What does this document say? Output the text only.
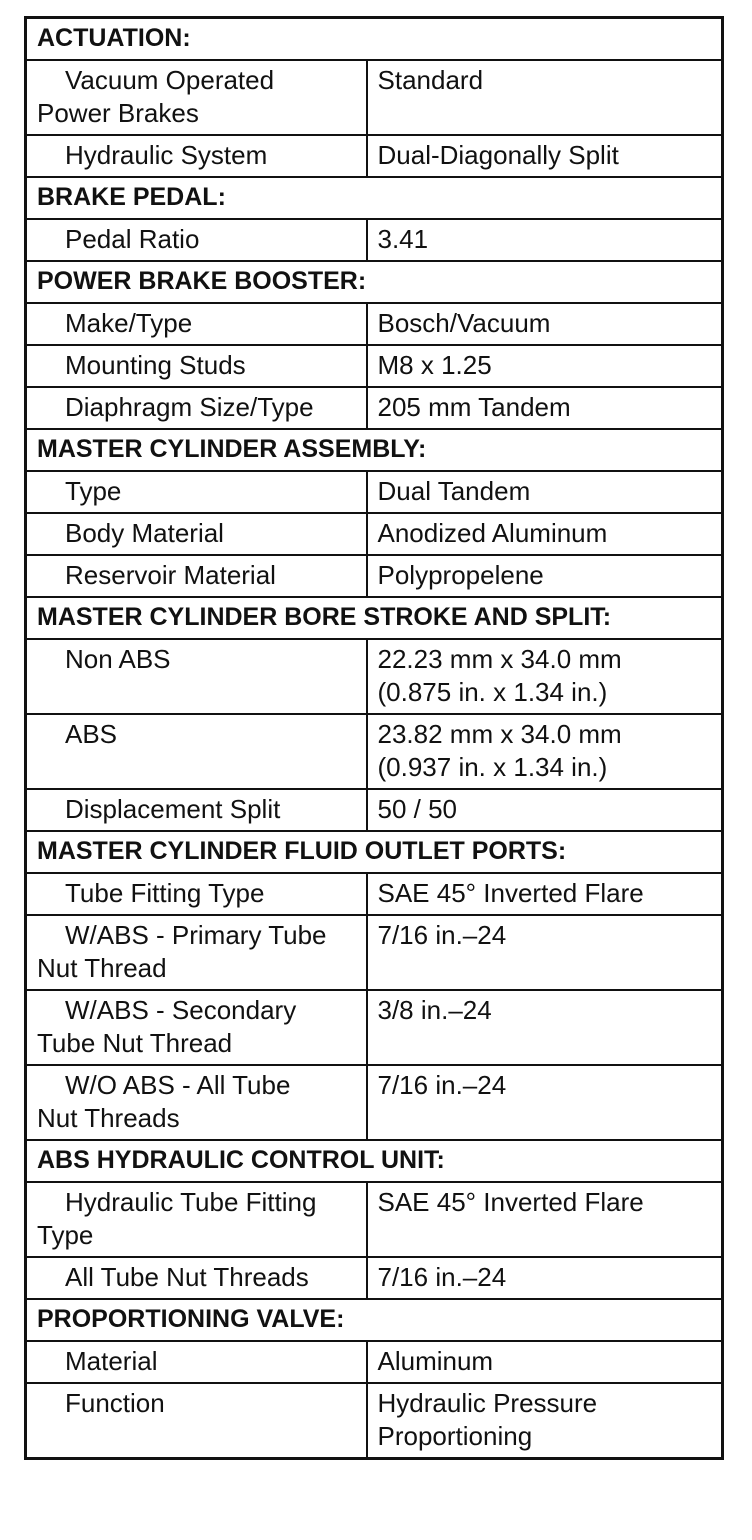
ACTUATION:	

Vacuum Operated
Power Brakes	Standard

Hydraulic System	Dual-Diagonally Split

BRAKE PEDAL:	

Pedal Ratio	3.41

POWER BRAKE BOOSTER:	

Make/Type	Bosch/Vacuum

Mounting Studs	M8 x 1.25

Diaphragm Size/Type	205 mm Tandem

MASTER CYLINDER ASSEMBLY:	

Type	Dual Tandem

Body Material	Anodized Aluminum

Reservoir Material	Polypropelene

MASTER CYLINDER BORE STROKE AND SPLIT:	

Non ABS	22.23 mm x 34.0 mm
(0.875 in. x 1.34 in.)

ABS	23.82 mm x 34.0 mm
(0.937 in. x 1.34 in.)

Displacement Split	50 / 50

MASTER CYLINDER FLUID OUTLET PORTS:	

Tube Fitting Type	SAE 45° Inverted Flare

W/ABS - Primary Tube
Nut Thread	7/16 in.–24

W/ABS - Secondary
Tube Nut Thread	3/8 in.–24

W/O ABS - All Tube
Nut Threads	7/16 in.–24

ABS HYDRAULIC CONTROL UNIT:	

Hydraulic Tube Fitting
Type	SAE 45° Inverted Flare

All Tube Nut Threads	7/16 in.–24

PROPORTIONING VALVE:	

Material	Aluminum

Function	Hydraulic Pressure
Proportioning
